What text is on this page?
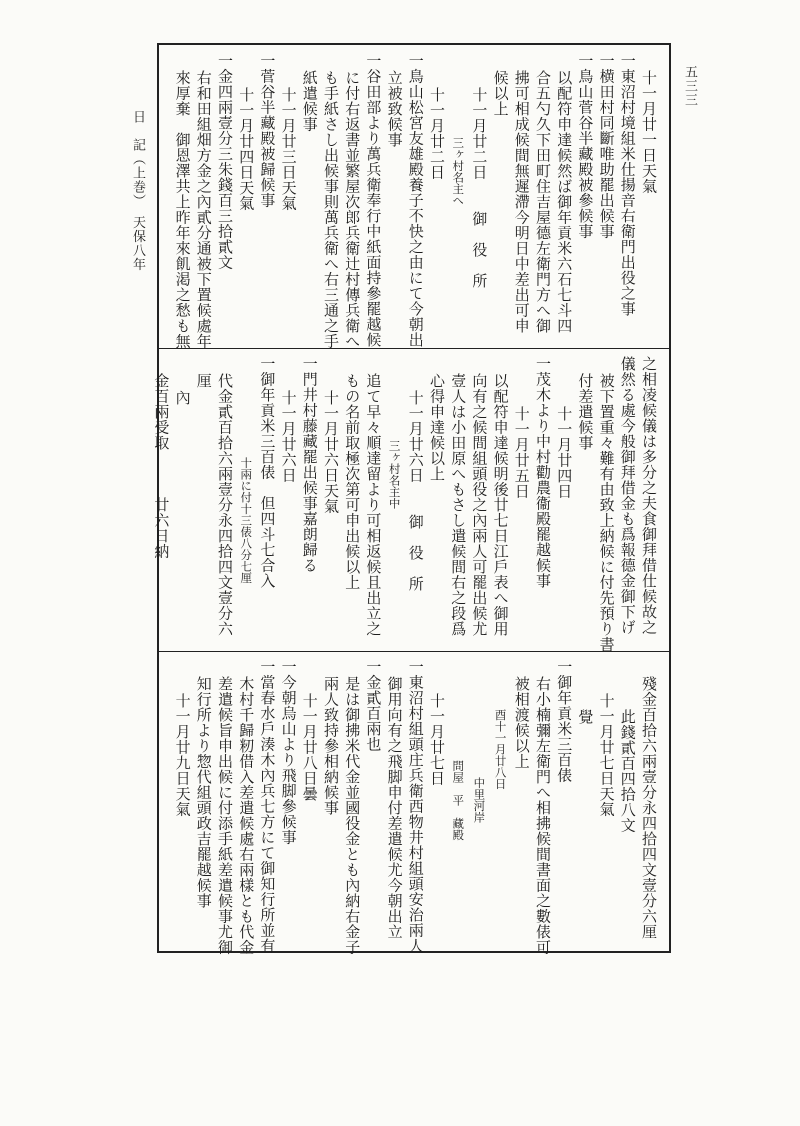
日　記（上巻）　天保八年
五三三
十一月廿一日天氣
一東沼村境組米仕揚音右衛門出役之事
一横田村同斷唯助罷出候事
一鳥山菅谷半藏殿被參候事
以配符申達候然ば御年貢米六石七斗四
合五勺久下田町住吉屋德左衛門方へ御
拂可相成候間無遲滯今明日中差出可申
候以上
十一月廿二日　　御　役　所
三ヶ村名主へ
十一月廿二日
一鳥山松宮友雄殿養子不快之由にて今朝出
立被致候事
一谷田部より萬兵衛奉行中紙面持參罷越候
に付右返書並繁屋次郎兵衛辻村傳兵衛へ
も手紙さし出候事則萬兵衛へ右三通之手
紙遣候事
十一月廿三日天氣
一菅谷半藏殿被歸候事
十一月廿四日天氣
一金四兩壹分三朱錢百三拾貳文
右和田組畑方金之內貳分通被下置候處年
來厚棄　御恩澤共上昨年來飢渇之愁も無
之相凌候儀は多分之夫食御拜借仕候故之
儀然る處今般御拜借金も爲報德金御下げ
被下置重々難有由致上納候に付先預り書
付差遣候事
十一月廿四日
一茂木より中村勸農衞殿罷越候事
十一月廿五日
以配符申達候明後廿七日江戶表へ御用
向有之候間組頭役之內兩人可罷出候尤
壹人は小田原へもさし遣候間右之段爲
心得申達候以上
十一月廿六日　　御　役　所
三ヶ村名主中
追て早々順達留より可相返候且出立之
もの名前取極次第可申出候以上
十一月廿六日天氣
一門井村藤藏罷出候事嘉朗歸る
十一月廿六日
一御年貢米三百俵　但四斗七合入
十兩に付十三俵八分七厘
代金貳百拾六兩壹分永四拾四文壹分六
厘
內
金百兩受取　　　廿六日納
殘金百拾六兩壹分永四拾四文壹分六厘
此錢貳百四拾八文
十一月廿七日天氣
覺
一御年貢米三百俵
右小楠彌左衛門へ相拂候間書面之數俵可
被相渡候以上
酉十一月廿八日
中里河岸
問屋　平　藏殿
十一月廿七日
一東沼村組頭庄兵衛西物井村組頭安治兩人
御用向有之飛脚申付差遣候尤今朝出立
一金貳百兩也
是は御拂米代金並國役金とも內納右金子
兩人致持參相納候事
十一月廿八日曇
一今朝烏山より飛脚參候事
一當春水戶湊木內兵七方にて御知行所並有
木村千歸籾借入差遣候處右兩樣とも代金
差遣候旨申出候に付添手紙差遣候事尤御
知行所より惣代組頭政吉罷越候事
十一月廿九日天氣
